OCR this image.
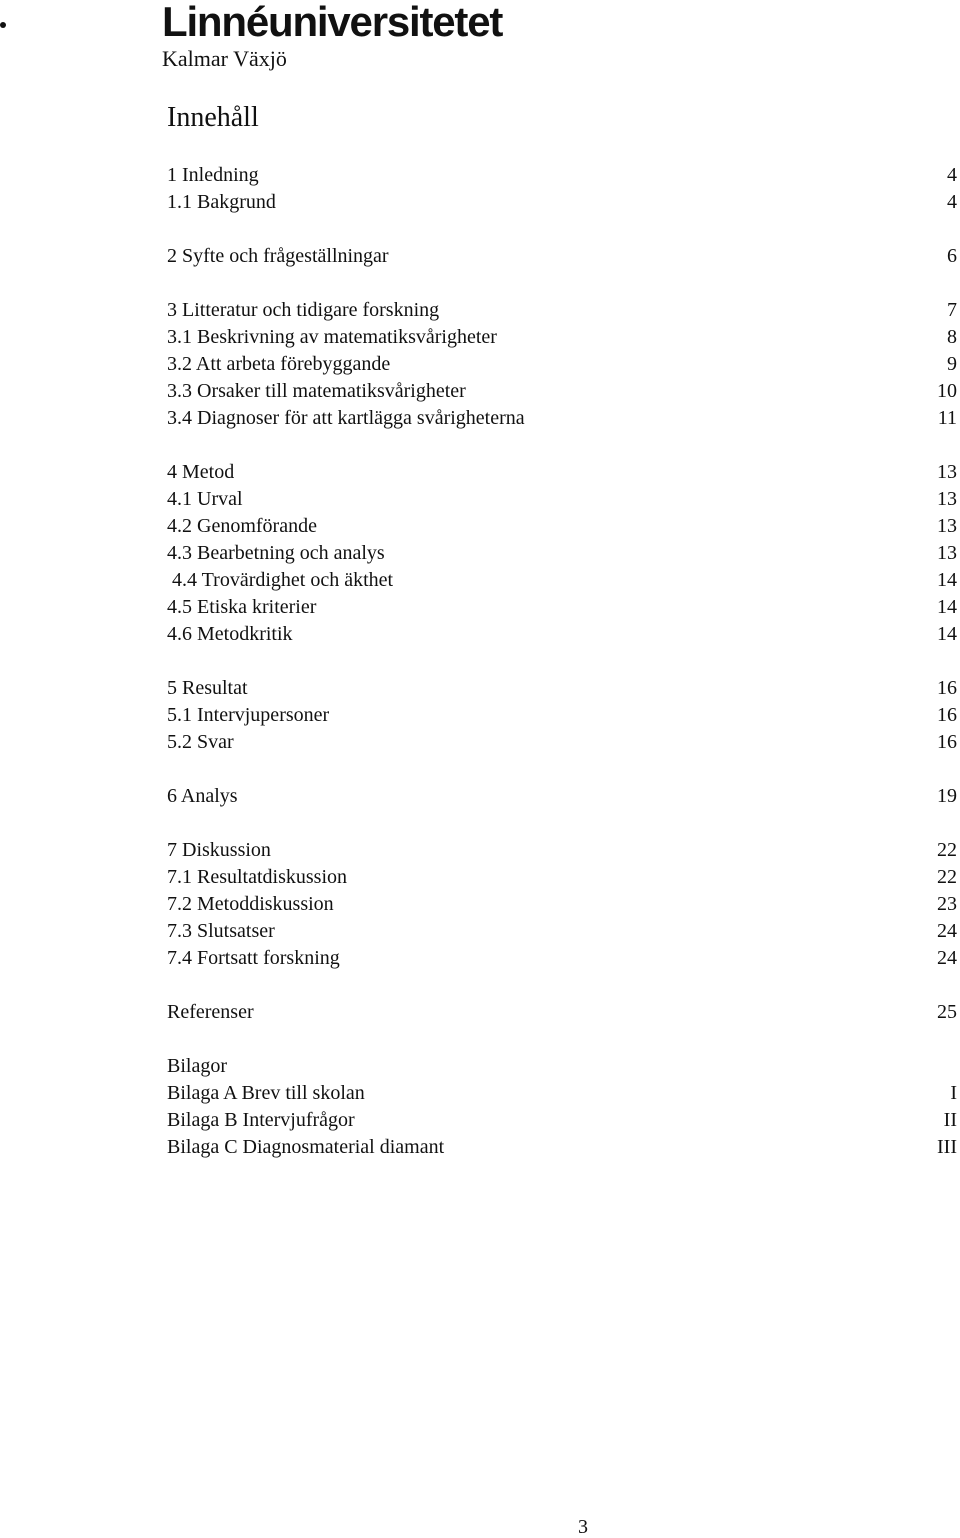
Linnéuniversitetet
Kalmar Växjö
Innehåll
1 Inledning	4
1.1 Bakgrund	4
2 Syfte och frågeställningar	6
3 Litteratur och tidigare forskning	7
3.1 Beskrivning av matematiksvårigheter	8
3.2 Att arbeta förebyggande	9
3.3 Orsaker till matematiksvårigheter	10
3.4 Diagnoser för att kartlägga svårigheterna	11
4 Metod	13
4.1 Urval	13
4.2 Genomförande	13
4.3 Bearbetning och analys	13
4.4 Trovärdighet och äkthet	14
4.5 Etiska kriterier	14
4.6 Metodkritik	14
5 Resultat	16
5.1 Intervjupersoner	16
5.2 Svar	16
6 Analys	19
7 Diskussion	22
7.1 Resultatdiskussion	22
7.2 Metoddiskussion	23
7.3 Slutsatser	24
7.4 Fortsatt forskning	24
Referenser	25
Bilagor
Bilaga A Brev till skolan	I
Bilaga B Intervjufrågor	II
Bilaga C Diagnosmaterial diamant	III
3
